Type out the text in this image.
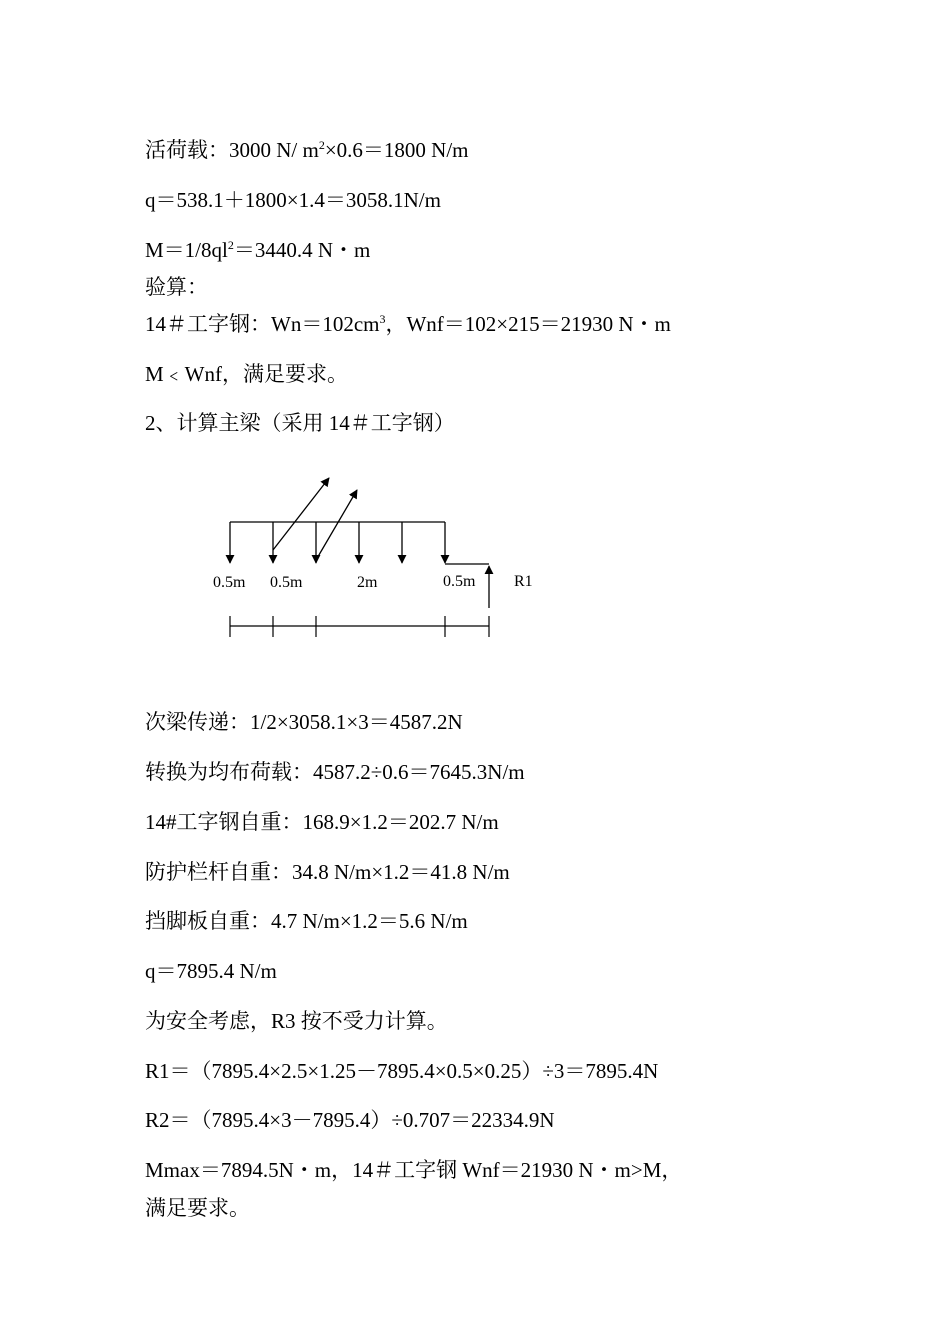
活荷载：3000 N/ $m^2\times 0.6=1800$ N/m
q＝538.1＋1800×1.4＝3058.1N/m
$M=1/8ql^2=3440.4$ N・m
验算：
14＃工字钢：$Wn=102cm^3$，Wnf＝102×215＝21930 N・m
M﹤Wnf，满足要求。
2、计算主梁（采用 14＃工字钢）
0.5m 0.5m	2m	0.5m R1
次梁传递：1/2×3058.1×3＝4587.2N
转换为均布荷载：4587.2÷0.6＝7645.3N/m
14#工字钢自重：168.9×1.2＝202.7 N/m
防护栏杆自重：34.8 N/m×1.2＝41.8 N/m
挡脚板自重：4.7 N/m×1.2＝5.6 N/m
q＝7895.4 N/m
为安全考虑，R3 按不受力计算。
R1＝（7895.4×2.5×1.25－7895.4×0.5×0.25）÷3＝7895.4N
R2＝（7895.4×3－7895.4）÷0.707＝22334.9N
Mmax＝7894.5N・m，14＃工字钢 Wnf＝21930 N・m>M，
满足要求。
